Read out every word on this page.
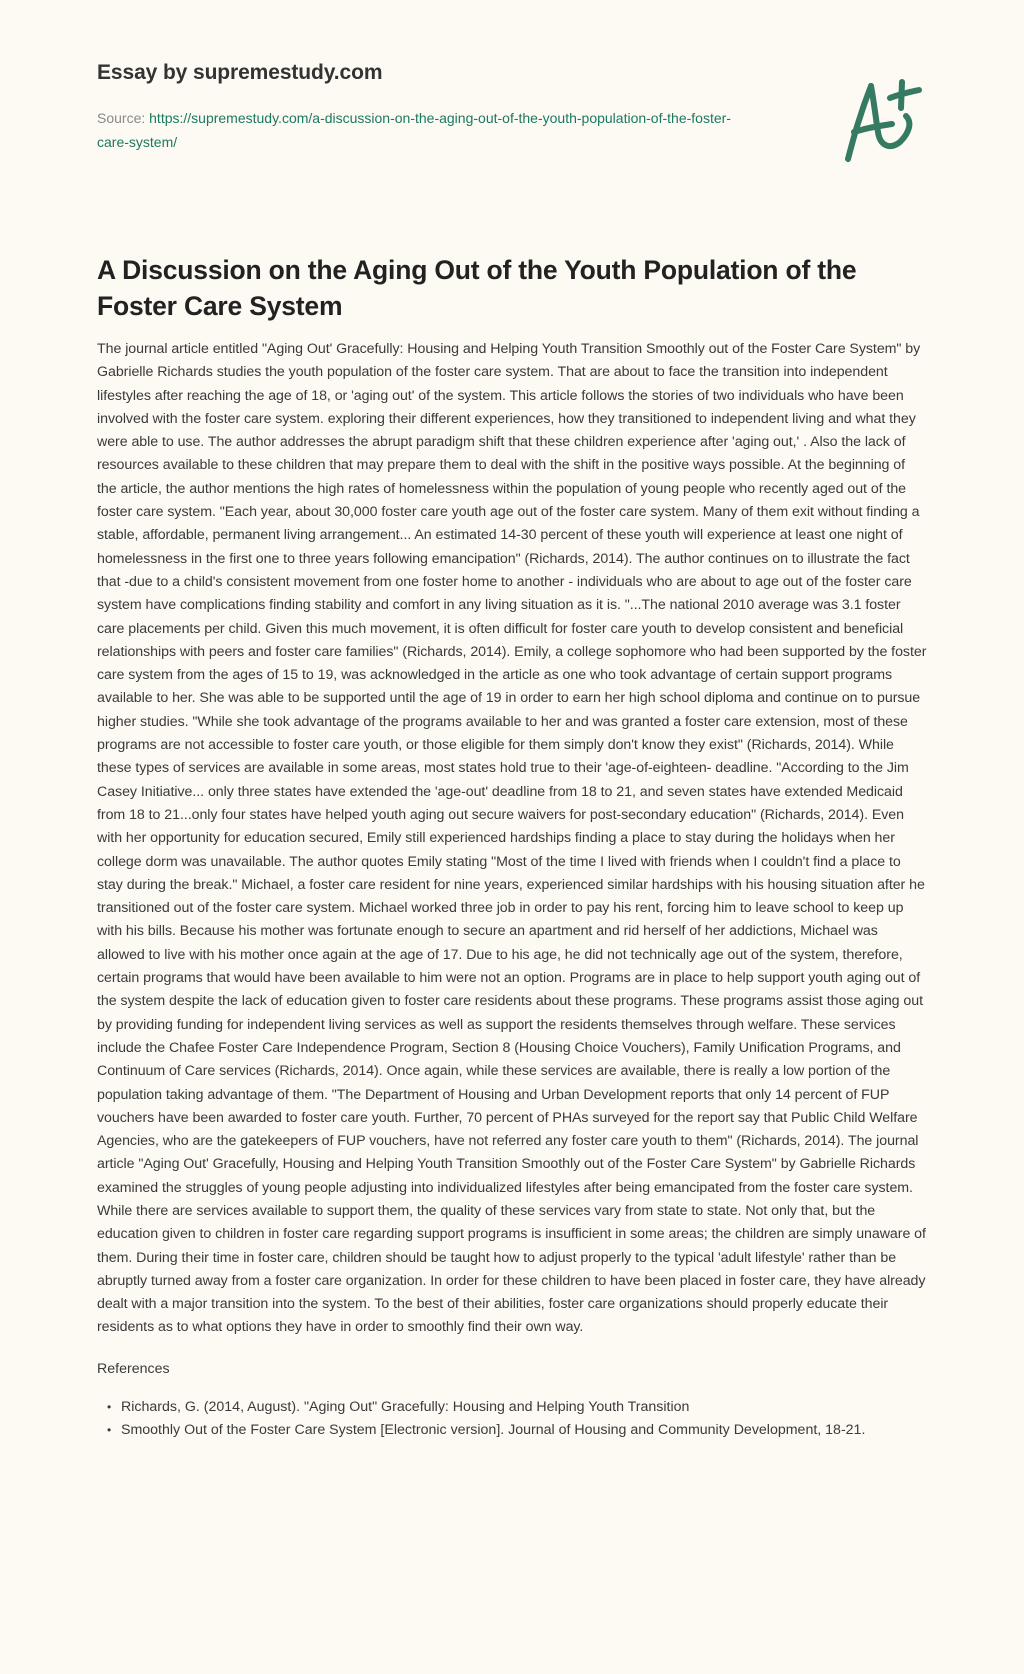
Essay by supremestudy.com
Source: https://supremestudy.com/a-discussion-on-the-aging-out-of-the-youth-population-of-the-foster-care-system/
A Discussion on the Aging Out of the Youth Population of the Foster Care System

The journal article entitled "Aging Out' Gracefully: Housing and Helping Youth Transition Smoothly out of the Foster Care System" by Gabrielle Richards studies the youth population of the foster care system. That are about to face the transition into independent lifestyles after reaching the age of 18, or 'aging out' of the system. This article follows the stories of two individuals who have been involved with the foster care system. exploring their different experiences, how they transitioned to independent living and what they were able to use. The author addresses the abrupt paradigm shift that these children experience after 'aging out,' . Also the lack of resources available to these children that may prepare them to deal with the shift in the positive ways possible. At the beginning of the article, the author mentions the high rates of homelessness within the population of young people who recently aged out of the foster care system. "Each year, about 30,000 foster care youth age out of the foster care system. Many of them exit without finding a stable, affordable, permanent living arrangement... An estimated 14-30 percent of these youth will experience at least one night of homelessness in the first one to three years following emancipation" (Richards, 2014). The author continues on to illustrate the fact that -due to a child's consistent movement from one foster home to another - individuals who are about to age out of the foster care system have complications finding stability and comfort in any living situation as it is. "...The national 2010 average was 3.1 foster care placements per child. Given this much movement, it is often difficult for foster care youth to develop consistent and beneficial relationships with peers and foster care families" (Richards, 2014). Emily, a college sophomore who had been supported by the foster care system from the ages of 15 to 19, was acknowledged in the article as one who took advantage of certain support programs available to her. She was able to be supported until the age of 19 in order to earn her high school diploma and continue on to pursue higher studies. "While she took advantage of the programs available to her and was granted a foster care extension, most of these programs are not accessible to foster care youth, or those eligible for them simply don't know they exist" (Richards, 2014). While these types of services are available in some areas, most states hold true to their 'age-of-eighteen- deadline. "According to the Jim Casey Initiative... only three states have extended the 'age-out' deadline from 18 to 21, and seven states have extended Medicaid from 18 to 21...only four states have helped youth aging out secure waivers for post-secondary education" (Richards, 2014). Even with her opportunity for education secured, Emily still experienced hardships finding a place to stay during the holidays when her college dorm was unavailable. The author quotes Emily stating "Most of the time I lived with friends when I couldn't find a place to stay during the break." Michael, a foster care resident for nine years, experienced similar hardships with his housing situation after he transitioned out of the foster care system. Michael worked three job in order to pay his rent, forcing him to leave school to keep up with his bills. Because his mother was fortunate enough to secure an apartment and rid herself of her addictions, Michael was allowed to live with his mother once again at the age of 17. Due to his age, he did not technically age out of the system, therefore, certain programs that would have been available to him were not an option. Programs are in place to help support youth aging out of the system despite the lack of education given to foster care residents about these programs. These programs assist those aging out by providing funding for independent living services as well as support the residents themselves through welfare. These services include the Chafee Foster Care Independence Program, Section 8 (Housing Choice Vouchers), Family Unification Programs, and Continuum of Care services (Richards, 2014). Once again, while these services are available, there is really a low portion of the population taking advantage of them. "The Department of Housing and Urban Development reports that only 14 percent of FUP vouchers have been awarded to foster care youth. Further, 70 percent of PHAs surveyed for the report say that Public Child Welfare Agencies, who are the gatekeepers of FUP vouchers, have not referred any foster care youth to them" (Richards, 2014). The journal article "Aging Out' Gracefully, Housing and Helping Youth Transition Smoothly out of the Foster Care System" by Gabrielle Richards examined the struggles of young people adjusting into individualized lifestyles after being emancipated from the foster care system. While there are services available to support them, the quality of these services vary from state to state. Not only that, but the education given to children in foster care regarding support programs is insufficient in some areas; the children are simply unaware of them. During their time in foster care, children should be taught how to adjust properly to the typical 'adult lifestyle' rather than be abruptly turned away from a foster care organization. In order for these children to have been placed in foster care, they have already dealt with a major transition into the system. To the best of their abilities, foster care organizations should properly educate their residents as to what options they have in order to smoothly find their own way.

References

• Richards, G. (2014, August). "Aging Out" Gracefully: Housing and Helping Youth Transition
• Smoothly Out of the Foster Care System [Electronic version]. Journal of Housing and Community Development, 18-21.
